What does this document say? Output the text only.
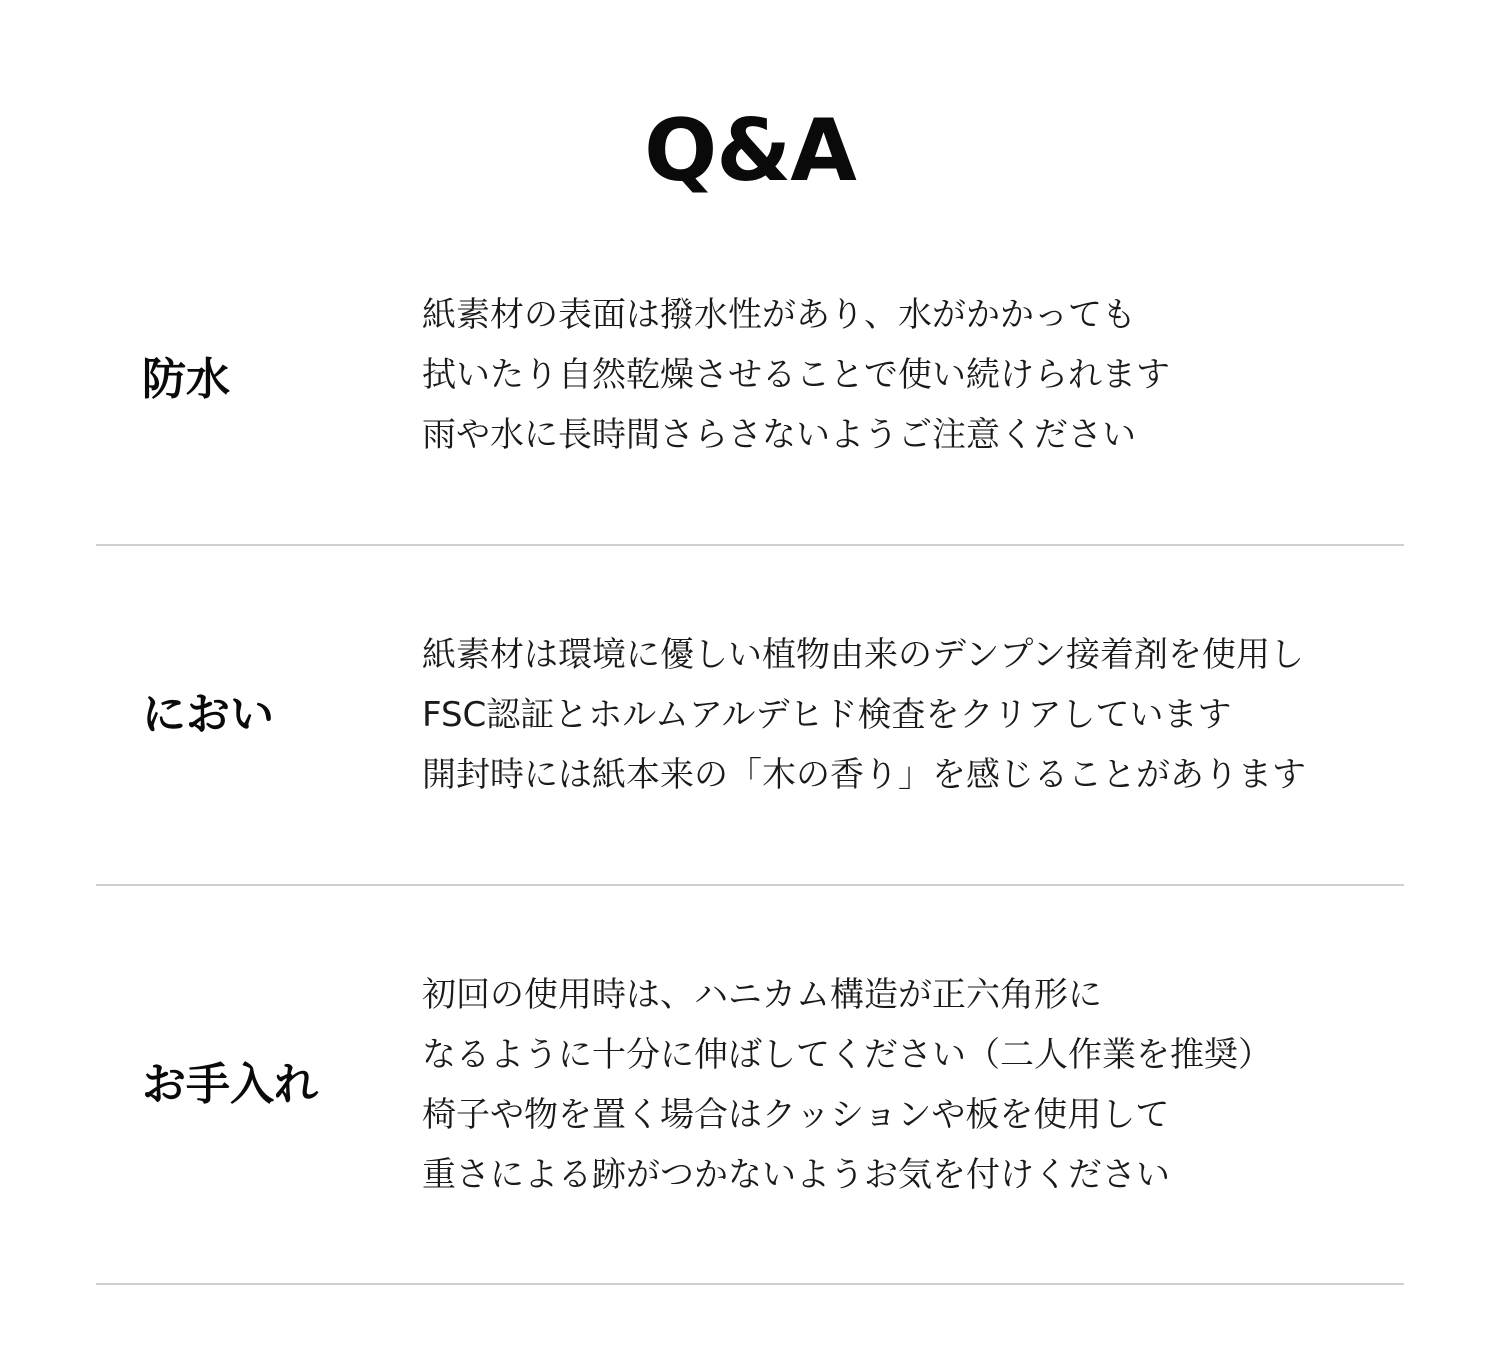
Q&A
防水
紙素材の表面は撥水性があり、水がかかっても
拭いたり自然乾燥させることで使い続けられます
雨や水に長時間さらさないようご注意ください
におい
紙素材は環境に優しい植物由来のデンプン接着剤を使用し
FSC認証とホルムアルデヒド検査をクリアしています
開封時には紙本来の「木の香り」を感じることがあります
お手入れ
初回の使用時は、ハニカム構造が正六角形に
なるように十分に伸ばしてください（二人作業を推奨）
椅子や物を置く場合はクッションや板を使用して
重さによる跡がつかないようお気を付けください
